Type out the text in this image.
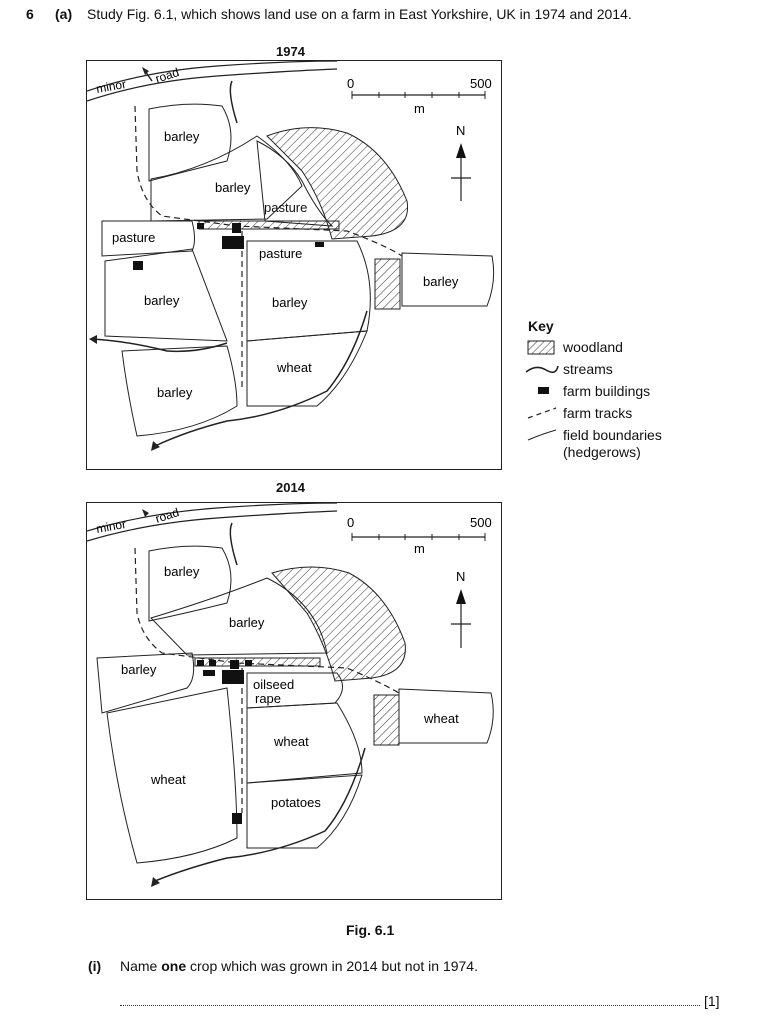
6 (a) Study Fig. 6.1, which shows land use on a farm in East Yorkshire, UK in 1974 and 2014.
1974
minor
road	0	500
m
N
barley
barley
pasture
pasture
pasture
barley	barley
barley
wheat
barley
Key
woodland
streams
farm buildings
farm tracks
field boundaries
(hedgerows)
2014
minor
road	0	500
m
N
barley
barley
barley
oilseed
rape
wheat
wheat
wheat
potatoes
Fig. 6.1
(i) Name one crop which was grown in 2014 but not in 1974.
[1]
